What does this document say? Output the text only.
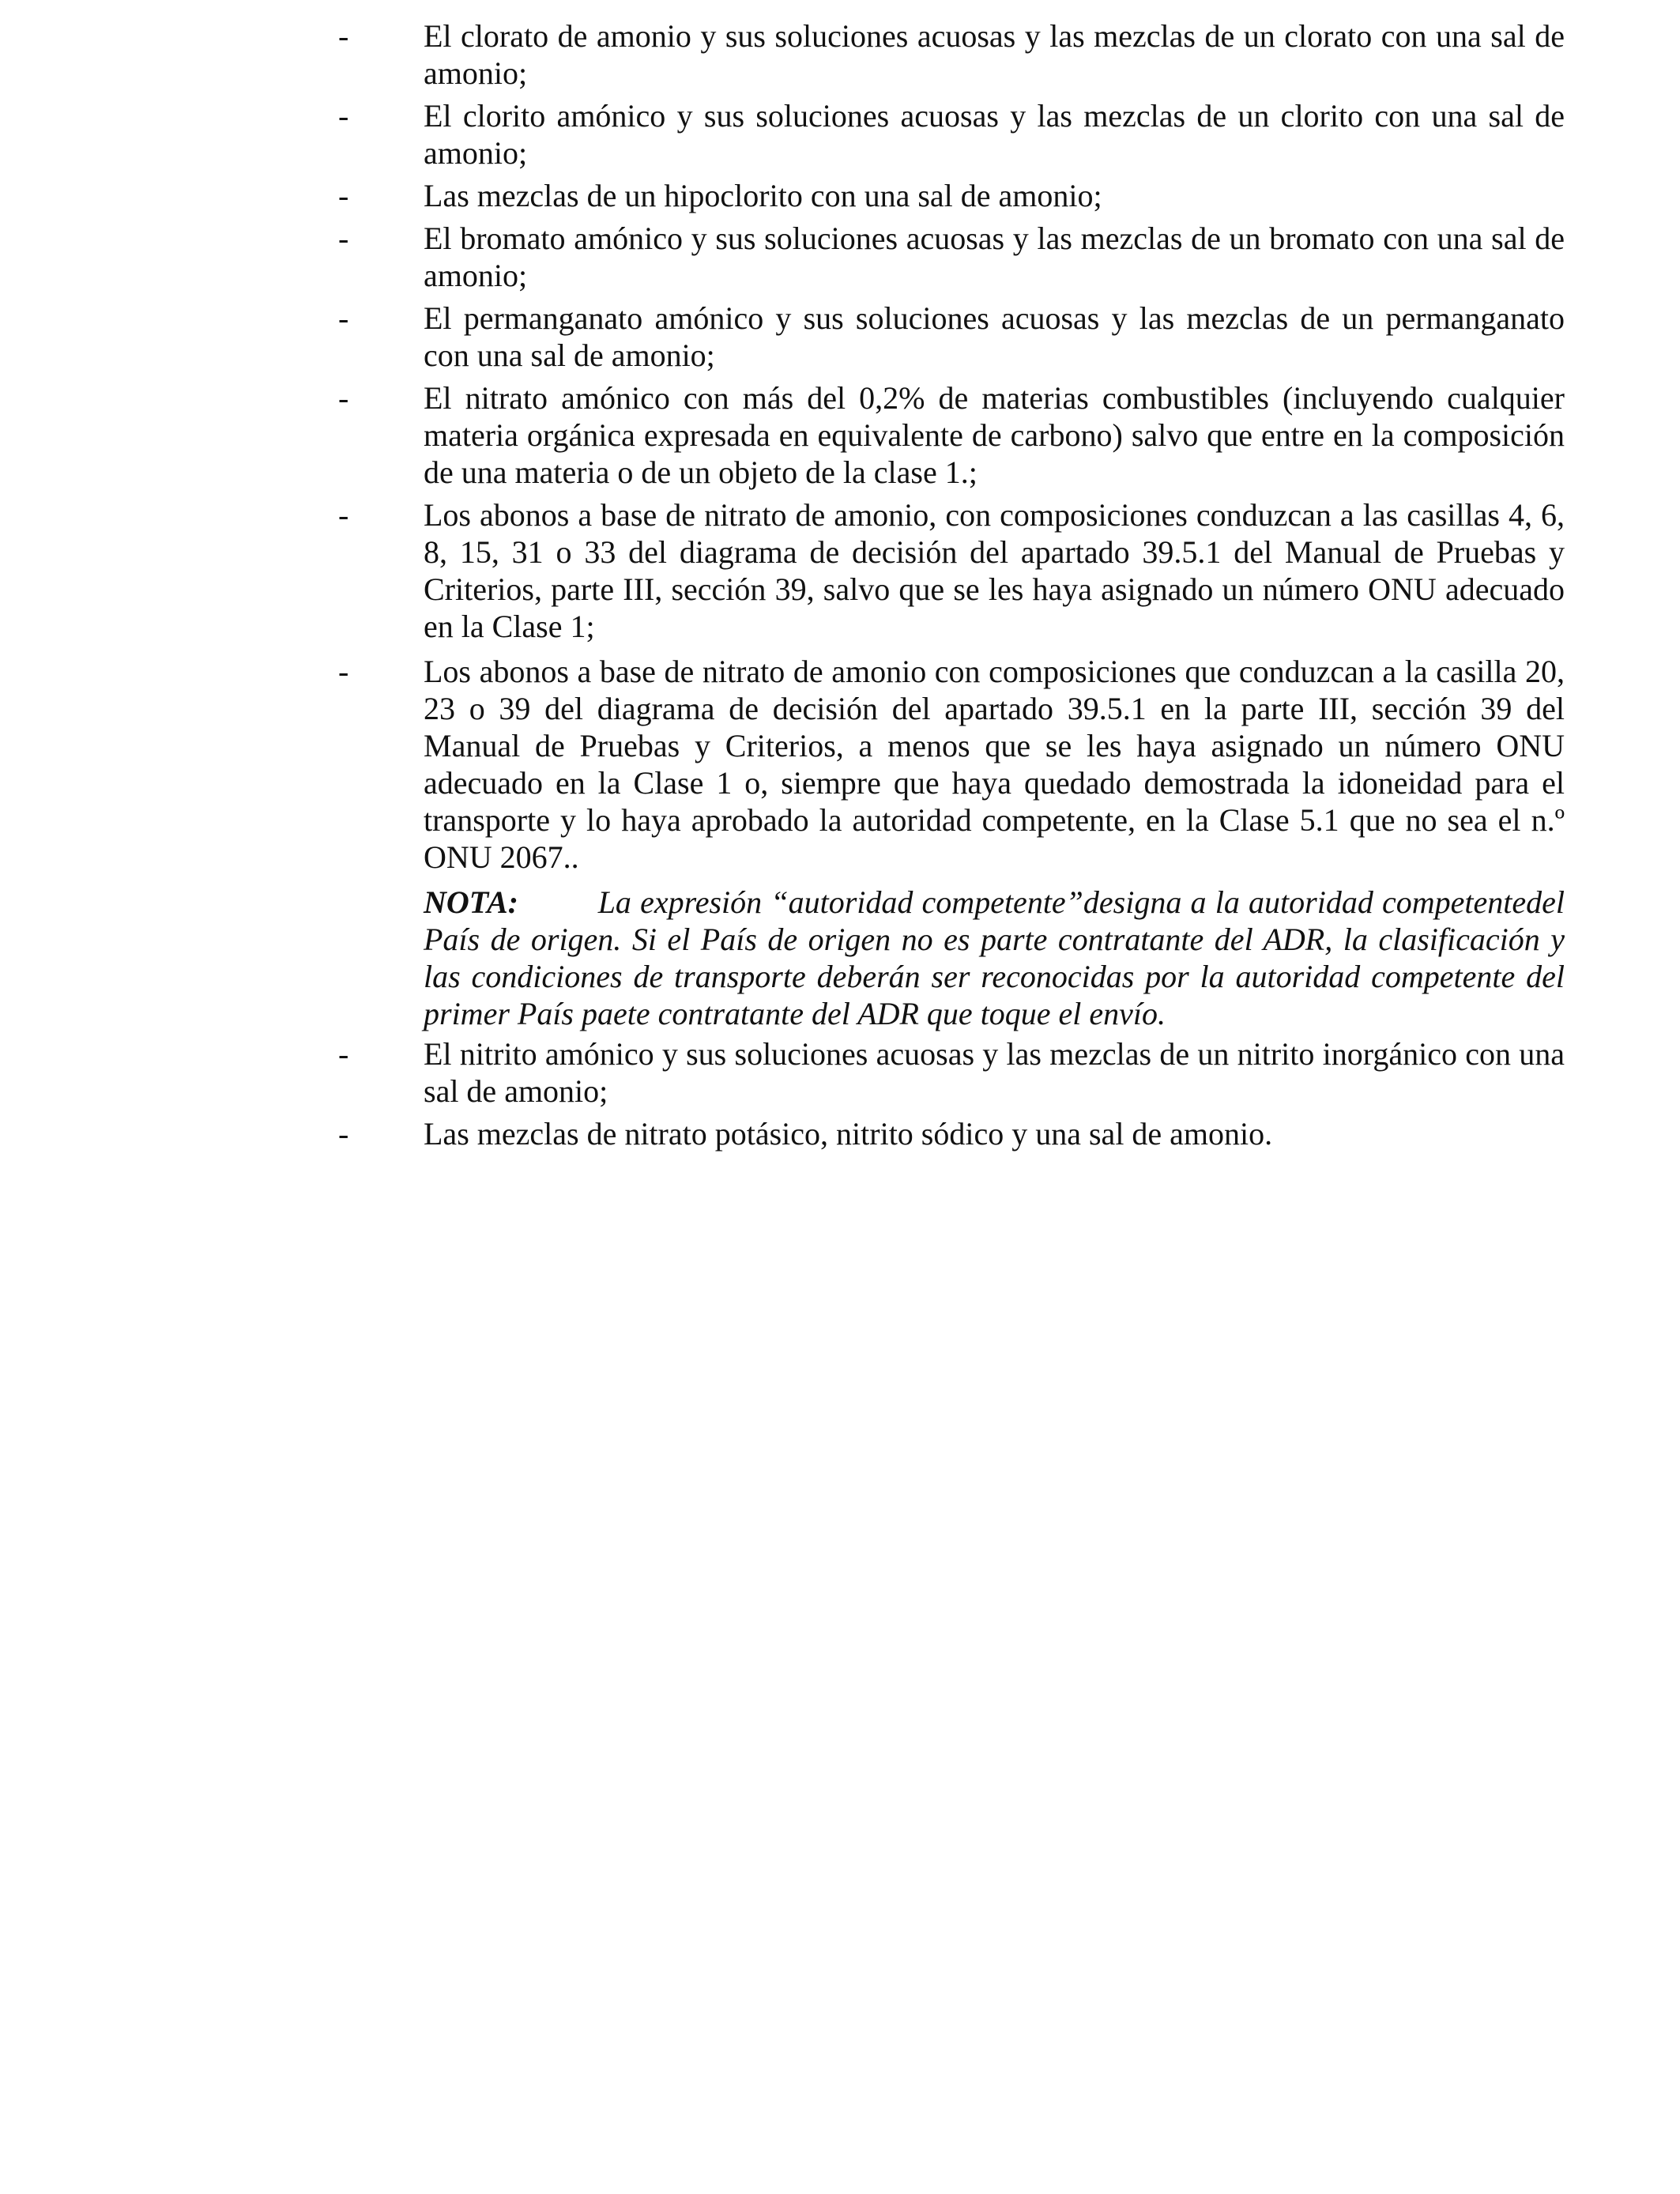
-	El clorato de amonio y sus soluciones acuosas y las mezclas de un clorato con una sal de amonio;
-	El clorito amónico y sus soluciones acuosas y las mezclas de un clorito con una sal de amonio;
-	Las mezclas de un hipoclorito con una sal de amonio;
-	El bromato amónico y sus soluciones acuosas y las mezclas de un bromato con una sal de amonio;
-	El permanganato amónico y sus soluciones acuosas y las mezclas de un permanganato con una sal de amonio;
-	El nitrato amónico con más del 0,2% de materias combustibles (incluyendo cualquier materia orgánica expresada en equivalente de carbono) salvo que entre en la composición de una materia o de un objeto de la clase 1.;
-	Los abonos a base de nitrato de amonio, con composiciones conduzcan a las casillas 4, 6, 8, 15, 31 o 33 del diagrama de decisión del apartado 39.5.1 del Manual de Pruebas y Criterios, parte III, sección 39, salvo que se les haya asignado un número ONU adecuado en la Clase 1;
-	Los abonos a base de nitrato de amonio con composiciones que conduzcan a la casilla 20, 23 o 39 del diagrama de decisión del apartado 39.5.1 en la parte III, sección 39 del Manual de Pruebas y Criterios, a menos que se les haya asignado un número ONU adecuado en la Clase 1 o, siempre que haya quedado demostrada la idoneidad para el transporte y lo haya aprobado la autoridad competente, en la Clase 5.1 que no sea el n.º ONU 2067..
NOTA:	La expresión “autoridad competente”designa a la autoridad competentedel País de origen. Si el País de origen no es parte contratante del ADR, la clasificación y las condiciones de transporte deberán ser reconocidas por la autoridad competente del primer País paete contratante del ADR que toque el envío.
-	El nitrito amónico y sus soluciones acuosas y las mezclas de un nitrito inorgánico con una sal de amonio;
-	Las mezclas de nitrato potásico, nitrito sódico y una sal de amonio.
